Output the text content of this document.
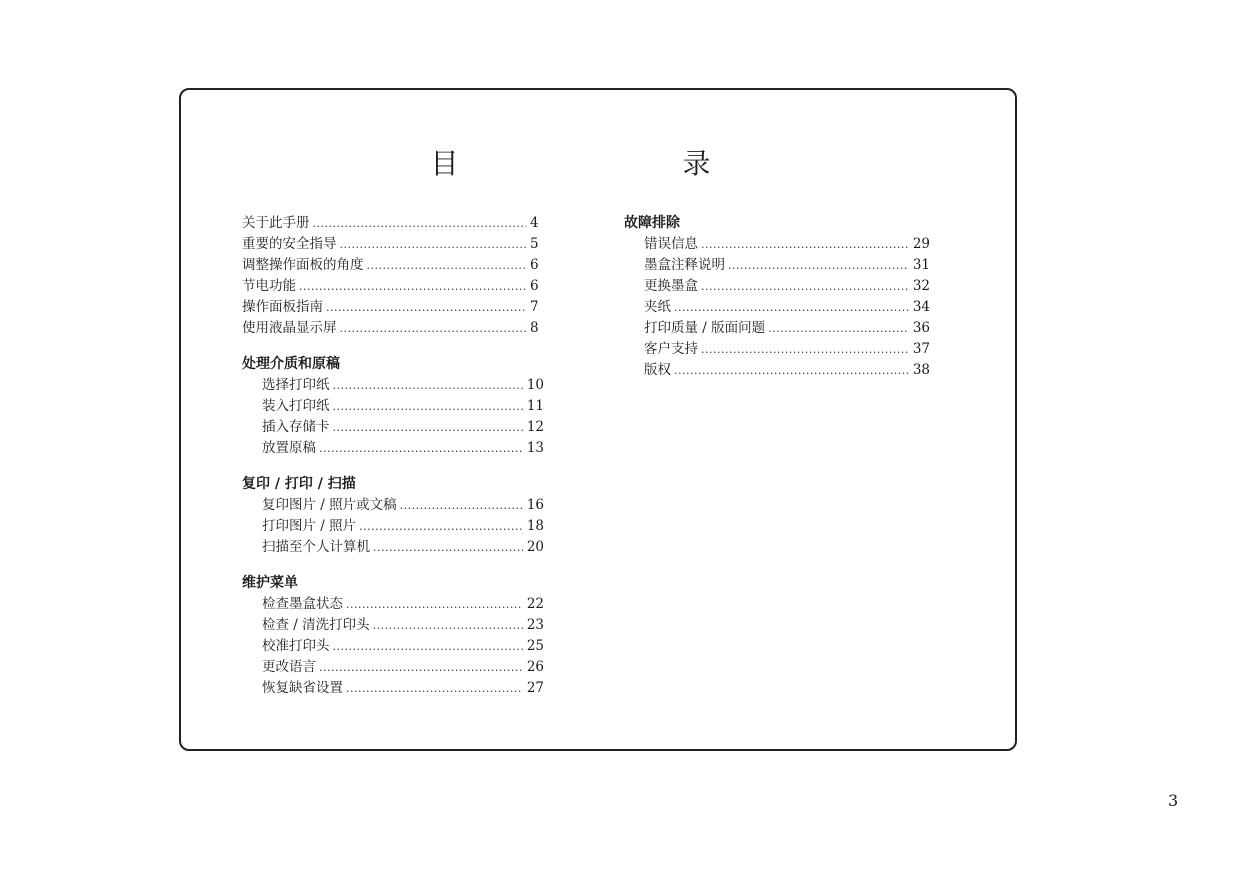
目　　录
关于此手册 .....	4
重要的安全指导 .....	5
调整操作面板的角度 .....	6
节电功能 .....	6
操作面板指南 .....	7
使用液晶显示屏 .....	8
处理介质和原稿
选择打印纸 .....	10
装入打印纸 .....	11
插入存储卡 .....	12
放置原稿 .....	13
复印 / 打印 / 扫描
复印图片 / 照片或文稿 .....	16
打印图片 / 照片 .....	18
扫描至个人计算机 .....	20
维护菜单
检查墨盒状态 .....	22
检查 / 清洗打印头 .....	23
校准打印头 .....	25
更改语言 .....	26
恢复缺省设置 .....	27
故障排除
错误信息 .....	29
墨盒注释说明 .....	31
更换墨盒 .....	32
夹纸 .....	34
打印质量 / 版面问题 .....	36
客户支持 .....	37
版权 .....	38
3
